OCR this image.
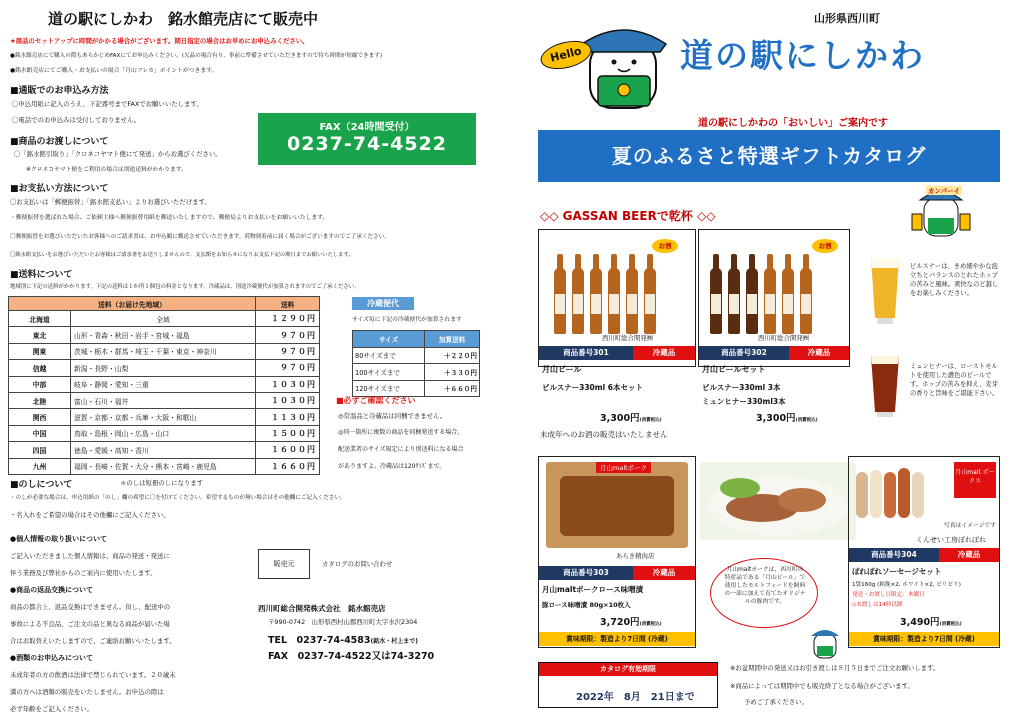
道の駅にしかわ　銘水館売店にて販売中
★商品のセットアップに時間がかかる場合がございます。期日指定の場合はお早めにお申込みください。
●銘水館売店にて購入の際もあらかじめFAXにてお申込みください。(欠品の場合有り、事前に準備させていただきますので待ち時間が短縮できます)
●銘水館売店にてご購入・お支払いの場合「月山フレカ」ポイントがつきます。
■通販でのお申込み方法
〇申込用紙に記入のうえ、下記番号までFAXでお願いいたします。
〇電話でのお申込みは受付しておりません。
FAX（24時間受付）
0237-74-4522
■商品のお渡しについて
〇「銘水館引取り」「クロネコヤマト便にて発送」からお選びください。
※クロネコヤマト便をご利用の場合は別途送料がかかります。
■お支払い方法について
〇お支払いは「郵便振替」「銘水館支払い」よりお選びいただけます。
・郵便振替を選ばれた場合、ご依頼主様へ郵便振替用紙を郵送いたしますので、郵便局よりお支払いをお願いいたします。
〇郵便振替をお選びいただいたお客様へのご請求書は、お申込順に郵送させていただきます。荷物到着前に届く場合がございますのでご了承ください。
〇銘水館支払いをお選びいただいたお客様はご請求書をお送りしませんので、支払額をお知らせになりお支払下記の期日までお願いいたします。
■送料について
地域別に下記の送料がかかります。下記の送料は１か所１個包の料金となります。冷蔵品は、別途冷蔵便代が加算されますのでご了承ください。
送料（お届け先地域）		送料
北海道	全域	１２９０円
東北	山形・青森・秋田・岩手・宮城・福島	９７０円
関東	茨城・栃木・群馬・埼玉・千葉・東京・神奈川	９７０円
信越	新潟・長野・山梨	９７０円
中部	岐阜・静岡・愛知・三重	１０３０円
北陸	富山・石川・福井	１０３０円
関西	滋賀・京都・京都・兵庫・大阪・和歌山	１１３０円
中国	鳥取・島根・岡山・広島・山口	１５００円
四国	徳島・愛媛・高知・香川	１６００円
九州	福岡・長崎・佐賀・大分・熊本・宮崎・鹿児島	１６６０円
冷蔵便代
サイズ毎に下記の冷蔵便代が加算されます
サイズ	加算送料
80サイズまで	＋２２０円
100サイズまで	＋３３０円
120サイズまで	＋６６０円
■必ずご確認ください
◎常温品と冷蔵品は同梱できません。
◎同一箇所に複数の商品を同梱発送する場合、
配送業者のサイズ規定により別送料になる場合
がありますよ。冷蔵品は120ｻｲｽﾞまで。
■のしについて	＊のしは短冊のしになります
・のしが必要な場合は、申込用紙の「のし」欄の希望に〇を付けてください。希望するものが無い場合はその他欄にご記入ください。
・名入れをご希望の場合はその他欄にご記入ください。
●個人情報の取り扱いについて
ご記入いただきました個人情報は、商品の発送・発送に
伴う業務及び弊社からのご案内に使用いたします。
●商品の返品交換について
商品の都合上、返品交換はできません。但し、配送中の
事故による不良品、ご注文の品と異なる商品が届いた場
合はお取替えいたしますので、ご連絡お願いいたします。
●酒類のお申込みについて
未成年者の方の飲酒は法律で禁じられています。２０歳未
満の方へは酒類の販売をいたしません。お申込の際は
必ず年齢をご記入ください。
販売元	カタログのお問い合わせ
西川町総合開発株式会社　銘水館売店
〒990-0742　山形県西村山郡西川町大字水沢2304
TEL　0237-74-4583(銘水・村上まで)
FAX　0237-74-4522又は74-3270
山形県西川町
Hello	道の駅にしかわ
道の駅にしかわの「おいしい」ご案内です
夏のふるさと特選ギフトカタログ
◇◇ GASSAN BEERで乾杯 ◇◇
カンパーイ
お酒
西川町総合開発㈱
商品番号301	冷蔵品
月山ビール
ピルスナー330ml 6本セット
3,300円(消費税込)
お酒
西川町総合開発㈱
商品番号302	冷蔵品
月山ビールセット
ピルスナー330ml 3本
ミュンヒナー330ml3本
3,300円(消費税込)
未成年へのお酒の販売はいたしません
ピルスナーは、きめ細やかな泡立ちとバランスのとれたホップの苦みと風味。爽快なのど越しをお楽しみください。
ミュンヒナーは、ローストモルトを使用した濃色のビールです。ホップの苦みを抑え、麦芽の香りと旨味をご堪能下さい。
月山maltポーク
あらき精肉店
商品番号303	冷蔵品
月山maltポークロース味噌漬
豚ロース味噌漬 80g×10枚入
3,720円(消費税込)
賞味期限：製造より7日間 (冷蔵)
月山maltポークは、西川町の特産品である「月山ビール」で使用したモルトフィードを飼料の一部に加えて育てたオリジナルの豚肉です。
月山malt ポークス
写真はイメージです
くんせい工房ぽれぽれ
商品番号304	冷蔵品
ぽれぽれソーセージセット
1袋160g (粗挽×2, ホワイト×2, ピリピリ)
発送・お渡し日限定：木曜日
◇お渡しは14時以降
3,490円(消費税込)
賞味期限：製造より7日間 (冷蔵)
カタログ有効期限
2022年　8月　21日まで
※お盆期間中の発送又はお引き渡しは８月５日までご注文お願いします。
※商品によっては期間中でも販売終了となる場合がございます。
予めご了承ください。
